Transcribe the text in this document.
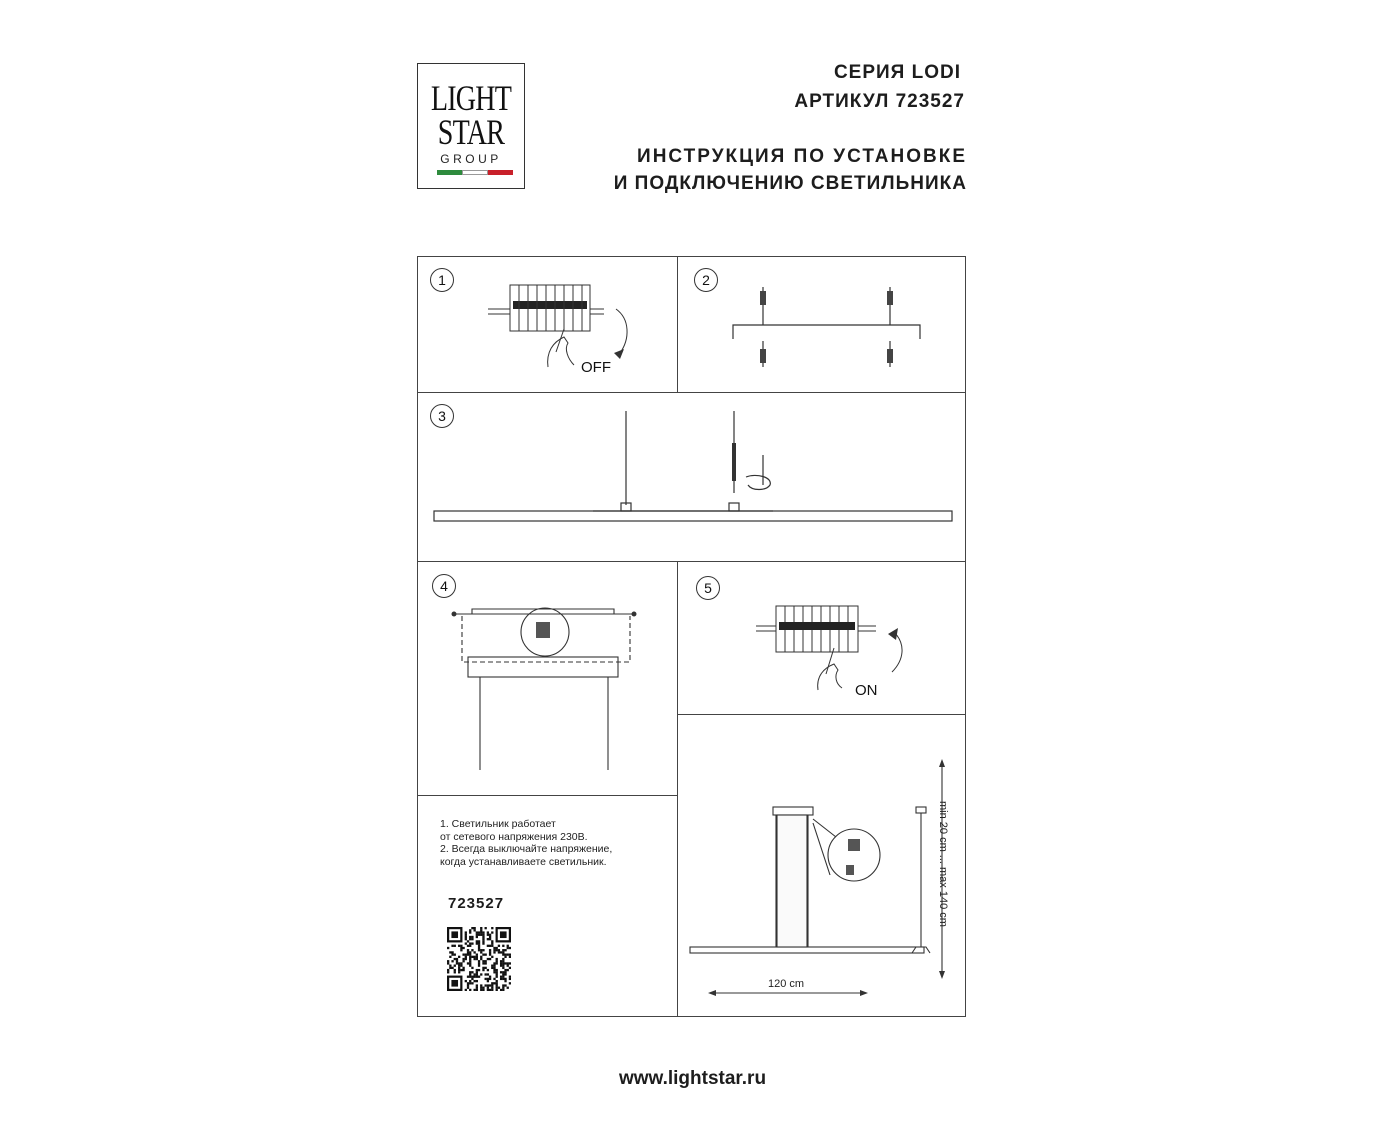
LIGHT
STAR
GROUP
СЕРИЯ LODI
АРТИКУЛ 723527
ИНСТРУКЦИЯ ПО УСТАНОВКЕ
И ПОДКЛЮЧЕНИЮ СВЕТИЛЬНИКА
1
OFF
2
3
4	5
ON
1. Светильник работает
от сетевого напряжения 230В.
2. Всегда выключайте напряжение,
когда устанавливаете светильник.
723527
120 cm
min 20 cm ... max 140 cm
www.lightstar.ru
